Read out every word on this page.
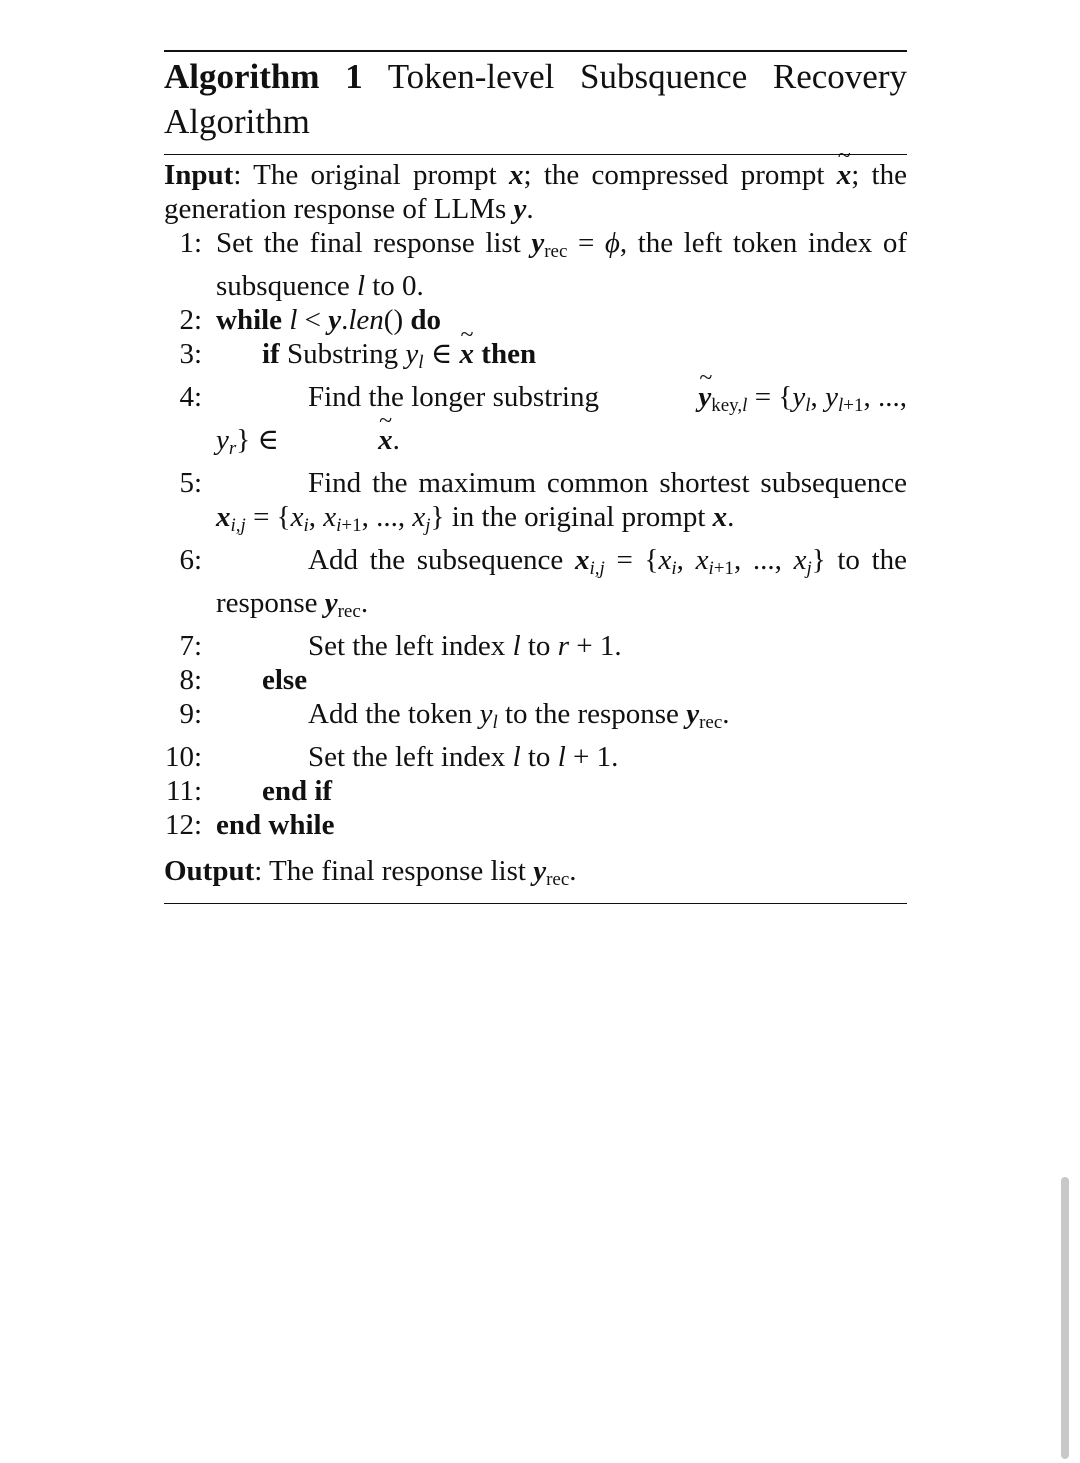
Algorithm 1 Token-level Subsquence Recovery Algorithm
Input: The original prompt x; the compressed prompt ~ x; the generation response of LLMs y.
1: Set the final response list $y_{rec} = \phi$, the left token index of subsquence l to 0.
2: while l < y.len() do
3:	if Substring yl ∈ ~ x then
4:	Find the longer substring	~ $y_{key,l} = \{yl$, $yl_{+1}$, ..., yr} ∈	~ x.
5:	Find the maximum common shortest subsequence xi,j = {xi, $xi_{+1}$, ..., xj} in the original prompt x.
6:	Add the subsequence xi,j = {xi, $xi_{+1}$, ..., xj} to the response $y_{rec}$.
7:	Set the left index l to r + 1.
8:	else
9:	Add the token yl to the response $y_{rec}$.
10:	Set the left index l to l + 1.
11:	end if
12: end while
Output: The final response list $y_{rec}$.
